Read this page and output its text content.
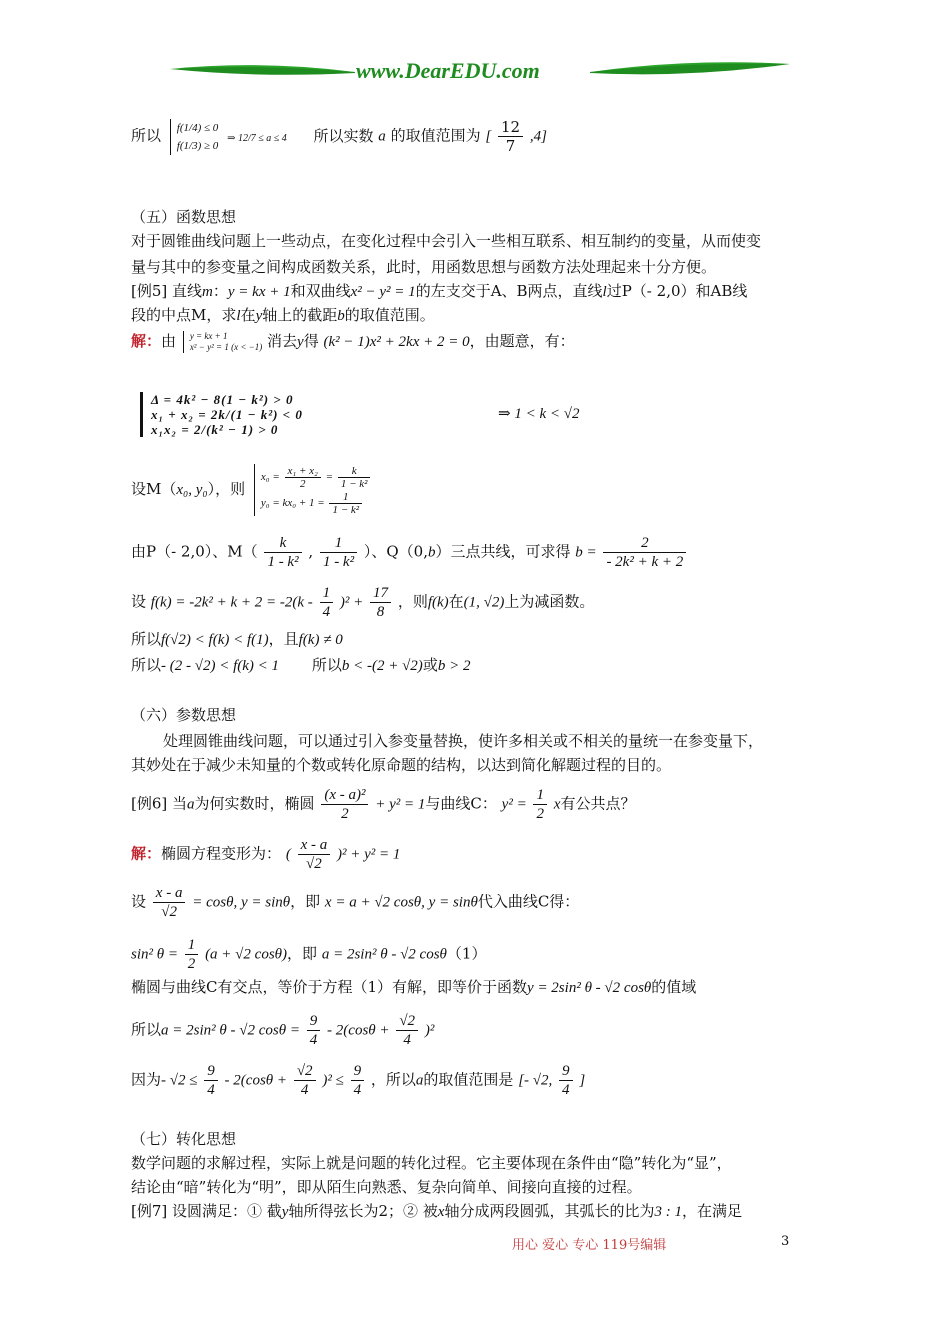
www.DearEDU.com
所以 f(1/4) ≤ 0
f(1/3) ≥ 0
⇒ 12/7 ≤ a ≤ 4 所以实数 a 的取值范围为 [ $\frac{12}{7} ,4$]
（五）函数思想
对于圆锥曲线问题上一些动点，在变化过程中会引入一些相互联系、相互制约的变量，从而使变
量与其中的参变量之间构成函数关系，此时，用函数思想与函数方法处理起来十分方便。
[例5] 直线m：y = kx + 1和双曲线x² − y² = 1的左支交于A、B两点，直线l过P（- 2,0）和AB线
段的中点M，求l在y轴上的截距b的取值范围。
解：由 y = kx + 1
x² − y² = 1 (x < −1) 消去y得 (k² − 1)x² + 2kx + 2 = 0，由题意，有：
Δ = 4k² − 8(1 − k²) > 0
x₁ + x₂ = 2k/(1 − k²) < 0
x₁x₂ = 2/(k² − 1) > 0
⇒ 1 < k < √2
设M（x₀, y₀），则
$x_0 = \frac{\text{x₁ + x₂}}{2} = \frac{k}{\text{1 − k²}}$
$y_0 = kx_0 + 1 = \frac{1}{\text{1 − k²}}$
由P（- 2,0）、$M( \frac{k}{\text{1 - k²}}$ , $\frac{1}{\text{1 - k²}}$ ）、Q（0,b）三点共线，可求得 $b = \frac{2}{\text{- 2k² + k + 2}}$
设 $f(k) = -2k^2 + k + 2 = -2(k - \frac{1}{4} )^2 + \frac{17}{8}$ ，则f(k)在(1, √2)上为减函数。
所以f(√2) < f(k) < f(1)，且f(k) ≠ 0
所以- (2 - √2) < f(k) < 1 所以b < -(2 + √2)或b > 2
（六）参数思想
处理圆锥曲线问题，可以通过引入参变量替换，使许多相关或不相关的量统一在参变量下，
其妙处在于减少未知量的个数或转化原命题的结构，以达到简化解题过程的目的。
[例6] 当a为何实数时，椭圆 $\frac{\text{(x - a)²}}{2} + y^2 = 1$与曲线C： $y^2 = \frac{1}{2}$ x有公共点？
解：椭圆方程变形为： ( $\frac{x - a}{√2} )^2 + y^2 = 1$
设 $\frac{x - a}{√2} = \cos\theta$, y = sinθ，即 x = a + √2 cosθ, y = sinθ代入曲线C得：
sin² $\theta = \frac{1}{2} (a + √2$ cosθ)，即 a = 2sin² θ - √2 cosθ（1）
椭圆与曲线C有交点，等价于方程（1）有解，即等价于函数y = 2sin² θ - √2 cosθ的值域
所以a = 2sin² θ - √2 $\cos\theta = \frac{9}{4} - 2(\cos\theta + \frac{√2}{4} )^2$
因为- $√2 \le \frac{9}{4} - 2(\cos\theta + \frac{√2}{4} )^2 \le \frac{9}{4}$ ，所以a的取值范围是 [- √2, $\frac{9}{4}$ ]
（七）转化思想
数学问题的求解过程，实际上就是问题的转化过程。它主要体现在条件由“隐”转化为“显”，
结论由“暗”转化为“明”，即从陌生向熟悉、复杂向简单、间接向直接的过程。
[例7] 设圆满足：① 截y轴所得弦长为2；② 被x轴分成两段圆弧，其弧长的比为3 : 1，在满足
用心 爱心 专心 119号编辑	3
